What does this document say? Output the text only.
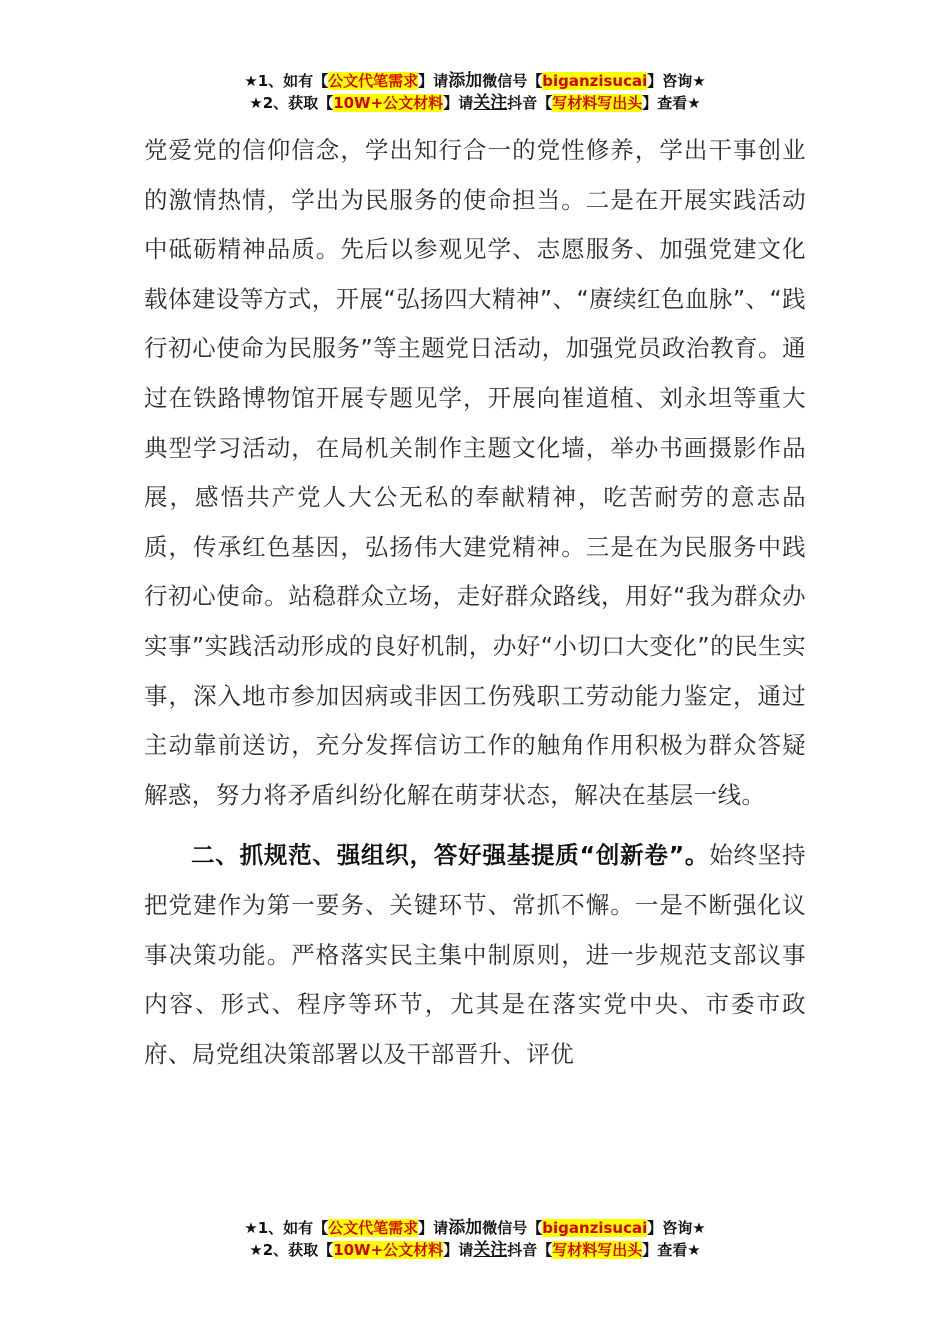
★1、如有【公文代笔需求】请添加微信号【biganzisucai】咨询★
★2、获取【10W+公文材料】请关注抖音【写材料写出头】查看★

党爱党的信仰信念，学出知行合一的党性修养，学出干事创业的激情热情，学出为民服务的使命担当。二是在开展实践活动中砥砺精神品质。先后以参观见学、志愿服务、加强党建文化载体建设等方式，开展“弘扬四大精神”、“赓续红色血脉”、“践行初心使命为民服务”等主题党日活动，加强党员政治教育。通过在铁路博物馆开展专题见学，开展向崔道植、刘永坦等重大典型学习活动，在局机关制作主题文化墙，举办书画摄影作品展，感悟共产党人大公无私的奉献精神，吃苦耐劳的意志品质，传承红色基因，弘扬伟大建党精神。三是在为民服务中践行初心使命。站稳群众立场，走好群众路线，用好“我为群众办实事”实践活动形成的良好机制，办好“小切口大变化”的民生实事，深入地市参加因病或非因工伤残职工劳动能力鉴定，通过主动靠前送访，充分发挥信访工作的触角作用积极为群众答疑解惑，努力将矛盾纠纷化解在萌芽状态，解决在基层一线。

二、抓规范、强组织，答好强基提质“创新卷”。始终坚持把党建作为第一要务、关键环节、常抓不懈。一是不断强化议事决策功能。严格落实民主集中制原则，进一步规范支部议事内容、形式、程序等环节，尤其是在落实党中央、市委市政府、局党组决策部署以及干部晋升、评优

★1、如有【公文代笔需求】请添加微信号【biganzisucai】咨询★
★2、获取【10W+公文材料】请关注抖音【写材料写出头】查看★
